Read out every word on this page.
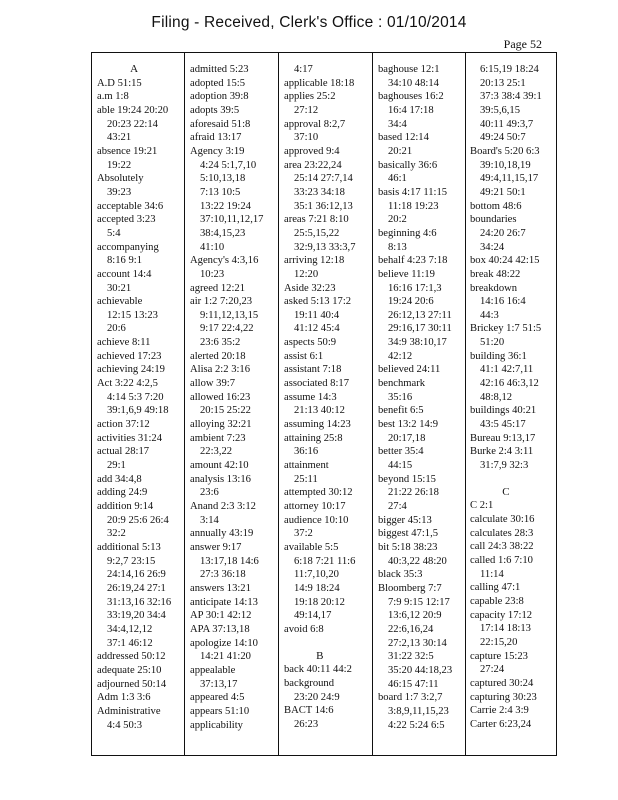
Filing - Received, Clerk's Office : 01/10/2014
Page 52
A
A.D 51:15
a.m 1:8
able 19:24 20:20
20:23 22:14
43:21
absence 19:21
19:22
Absolutely
39:23
acceptable 34:6
accepted 3:23
5:4
accompanying
8:16 9:1
account 14:4
30:21
achievable
12:15 13:23
20:6
achieve 8:11
achieved 17:23
achieving 24:19
Act 3:22 4:2,5
4:14 5:3 7:20
39:1,6,9 49:18
action 37:12
activities 31:24
actual 28:17
29:1
add 34:4,8
adding 24:9
addition 9:14
20:9 25:6 26:4
32:2
additional 5:13
9:2,7 23:15
24:14,16 26:9
26:19,24 27:1
31:13,16 32:16
33:19,20 34:4
34:4,12,12
37:1 46:12
addressed 50:12
adequate 25:10
adjourned 50:14
Adm 1:3 3:6
Administrative
4:4 50:3
admitted 5:23
adopted 15:5
adoption 39:8
adopts 39:5
aforesaid 51:8
afraid 13:17
Agency 3:19
4:24 5:1,7,10
5:10,13,18
7:13 10:5
13:22 19:24
37:10,11,12,17
38:4,15,23
41:10
Agency's 4:3,16
10:23
agreed 12:21
air 1:2 7:20,23
9:11,12,13,15
9:17 22:4,22
23:6 35:2
alerted 20:18
Alisa 2:2 3:16
allow 39:7
allowed 16:23
20:15 25:22
alloying 32:21
ambient 7:23
22:3,22
amount 42:10
analysis 13:16
23:6
Anand 2:3 3:12
3:14
annually 43:19
answer 9:17
13:17,18 14:6
27:3 36:18
answers 13:21
anticipate 14:13
AP 30:1 42:12
APA 37:13,18
apologize 14:10
14:21 41:20
appealable
37:13,17
appeared 4:5
appears 51:10
applicability
4:17
applicable 18:18
applies 25:2
27:12
approval 8:2,7
37:10
approved 9:4
area 23:22,24
25:14 27:7,14
33:23 34:18
35:1 36:12,13
areas 7:21 8:10
25:5,15,22
32:9,13 33:3,7
arriving 12:18
12:20
Aside 32:23
asked 5:13 17:2
19:11 40:4
41:12 45:4
aspects 50:9
assist 6:1
assistant 7:18
associated 8:17
assume 14:3
21:13 40:12
assuming 14:23
attaining 25:8
36:16
attainment
25:11
attempted 30:12
attorney 10:17
audience 10:10
37:2
available 5:5
6:18 7:21 11:6
11:7,10,20
14:9 18:24
19:18 20:12
49:14,17
avoid 6:8
B
back 40:11 44:2
background
23:20 24:9
BACT 14:6
26:23
baghouse 12:1
34:10 48:14
baghouses 16:2
16:4 17:18
34:4
based 12:14
20:21
basically 36:6
46:1
basis 4:17 11:15
11:18 19:23
20:2
beginning 4:6
8:13
behalf 4:23 7:18
believe 11:19
16:16 17:1,3
19:24 20:6
26:12,13 27:11
29:16,17 30:11
34:9 38:10,17
42:12
believed 24:11
benchmark
35:16
benefit 6:5
best 13:2 14:9
20:17,18
better 35:4
44:15
beyond 15:15
21:22 26:18
27:4
bigger 45:13
biggest 47:1,5
bit 5:18 38:23
40:3,22 48:20
black 35:3
Bloomberg 7:7
7:9 9:15 12:17
13:6,12 20:9
22:6,16,24
27:2,13 30:14
31:22 32:5
35:20 44:18,23
46:15 47:11
board 1:7 3:2,7
3:8,9,11,15,23
4:22 5:24 6:5
6:15,19 18:24
20:13 25:1
37:3 38:4 39:1
39:5,6,15
40:11 49:3,7
49:24 50:7
Board's 5:20 6:3
39:10,18,19
49:4,11,15,17
49:21 50:1
bottom 48:6
boundaries
24:20 26:7
34:24
box 40:24 42:15
break 48:22
breakdown
14:16 16:4
44:3
Brickey 1:7 51:5
51:20
building 36:1
41:1 42:7,11
42:16 46:3,12
48:8,12
buildings 40:21
43:5 45:17
Bureau 9:13,17
Burke 2:4 3:11
31:7,9 32:3
C
C 2:1
calculate 30:16
calculates 28:3
call 24:3 38:22
called 1:6 7:10
11:14
calling 47:1
capable 23:8
capacity 17:12
17:14 18:13
22:15,20
capture 15:23
27:24
captured 30:24
capturing 30:23
Carrie 2:4 3:9
Carter 6:23,24
